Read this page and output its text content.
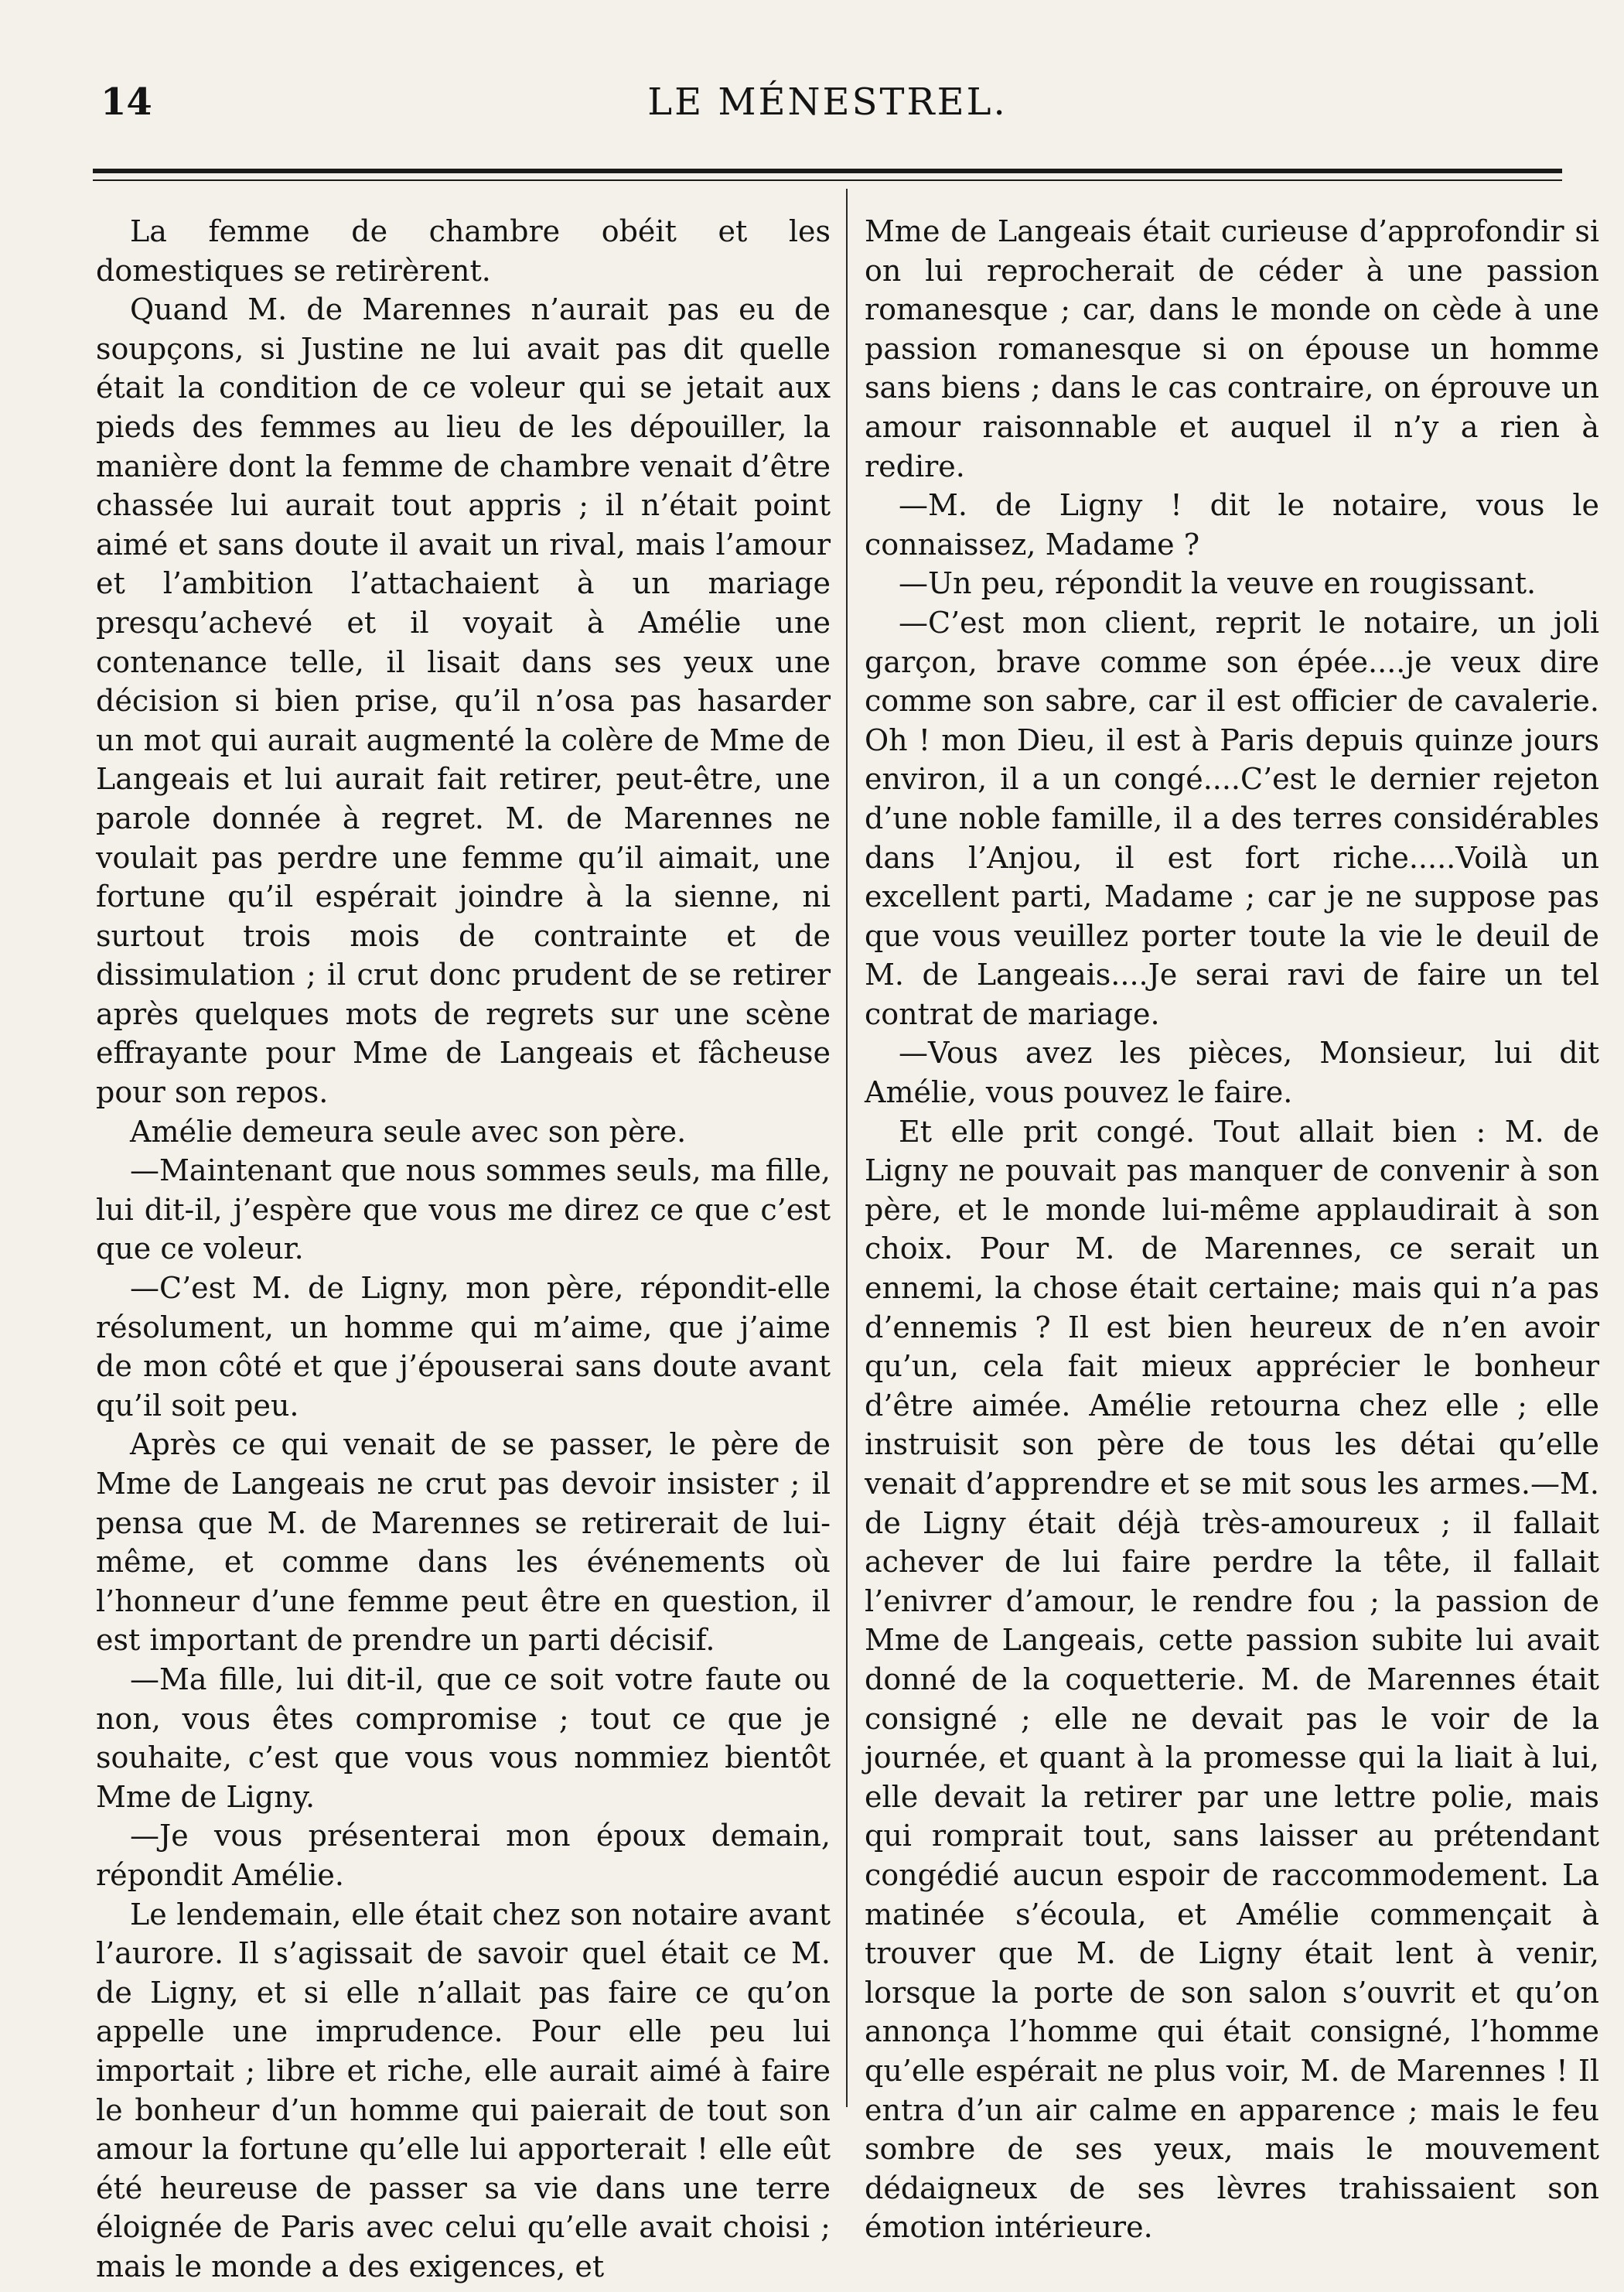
14	LE MÉNESTREL.

La femme de chambre obéit et les domestiques se retirèrent.

Quand M. de Marennes n’aurait pas eu de soupçons, si Justine ne lui avait pas dit quelle était la condition de ce voleur qui se jetait aux pieds des femmes au lieu de les dépouiller, la manière dont la femme de chambre venait d’être chassée lui aurait tout appris ; il n’était point aimé et sans doute il avait un rival, mais l’amour et l’ambition l’attachaient à un mariage presqu’achevé et il voyait à Amélie une contenance telle, il lisait dans ses yeux une décision si bien prise, qu’il n’osa pas hasarder un mot qui aurait augmenté la colère de Mme de Langeais et lui aurait fait retirer, peut-être, une parole donnée à regret. M. de Marennes ne voulait pas perdre une femme qu’il aimait, une fortune qu’il espérait joindre à la sienne, ni surtout trois mois de contrainte et de dissimulation ; il crut donc prudent de se retirer après quelques mots de regrets sur une scène effrayante pour Mme de Langeais et fâcheuse pour son repos.

Amélie demeura seule avec son père.

—Maintenant que nous sommes seuls, ma fille, lui dit-il, j’espère que vous me direz ce que c’est que ce voleur.

—C’est M. de Ligny, mon père, répondit-elle résolument, un homme qui m’aime, que j’aime de mon côté et que j’épouserai sans doute avant qu’il soit peu.

Après ce qui venait de se passer, le père de Mme de Langeais ne crut pas devoir insister ; il pensa que M. de Marennes se retirerait de lui-même, et comme dans les événements où l’honneur d’une femme peut être en question, il est important de prendre un parti décisif.

—Ma fille, lui dit-il, que ce soit votre faute ou non, vous êtes compromise ; tout ce que je souhaite, c’est que vous vous nommiez bientôt Mme de Ligny.

—Je vous présenterai mon époux demain, répondit Amélie.

Le lendemain, elle était chez son notaire avant l’aurore. Il s’agissait de savoir quel était ce M. de Ligny, et si elle n’allait pas faire ce qu’on appelle une imprudence. Pour elle peu lui importait ; libre et riche, elle aurait aimé à faire le bonheur d’un homme qui paierait de tout son amour la fortune qu’elle lui apporterait ! elle eût été heureuse de passer sa vie dans une terre éloignée de Paris avec celui qu’elle avait choisi ; mais le monde a des exigences, et

Mme de Langeais était curieuse d’approfondir si on lui reprocherait de céder à une passion romanesque ; car, dans le monde on cède à une passion romanesque si on épouse un homme sans biens ; dans le cas contraire, on éprouve un amour raisonnable et auquel il n’y a rien à redire.

—M. de Ligny ! dit le notaire, vous le connaissez, Madame ?

—Un peu, répondit la veuve en rougissant.

—C’est mon client, reprit le notaire, un joli garçon, brave comme son épée....je veux dire comme son sabre, car il est officier de cavalerie. Oh ! mon Dieu, il est à Paris depuis quinze jours environ, il a un congé....C’est le dernier rejeton d’une noble famille, il a des terres considérables dans l’Anjou, il est fort riche.....Voilà un excellent parti, Madame ; car je ne suppose pas que vous veuillez porter toute la vie le deuil de M. de Langeais....Je serai ravi de faire un tel contrat de mariage.

—Vous avez les pièces, Monsieur, lui dit Amélie, vous pouvez le faire.

Et elle prit congé. Tout allait bien : M. de Ligny ne pouvait pas manquer de convenir à son père, et le monde lui-même applaudirait à son choix. Pour M. de Marennes, ce serait un ennemi, la chose était certaine; mais qui n’a pas d’ennemis ? Il est bien heureux de n’en avoir qu’un, cela fait mieux apprécier le bonheur d’être aimée. Amélie retourna chez elle ; elle instruisit son père de tous les détai qu’elle venait d’apprendre et se mit sous les armes.—M. de Ligny était déjà très-amoureux ; il fallait achever de lui faire perdre la tête, il fallait l’enivrer d’amour, le rendre fou ; la passion de Mme de Langeais, cette passion subite lui avait donné de la coquetterie. M. de Marennes était consigné ; elle ne devait pas le voir de la journée, et quant à la promesse qui la liait à lui, elle devait la retirer par une lettre polie, mais qui romprait tout, sans laisser au prétendant congédié aucun espoir de raccommodement. La matinée s’écoula, et Amélie commençait à trouver que M. de Ligny était lent à venir, lorsque la porte de son salon s’ouvrit et qu’on annonça l’homme qui était consigné, l’homme qu’elle espérait ne plus voir, M. de Marennes ! Il entra d’un air calme en apparence ; mais le feu sombre de ses yeux, mais le mouvement dédaigneux de ses lèvres trahissaient son émotion intérieure.
